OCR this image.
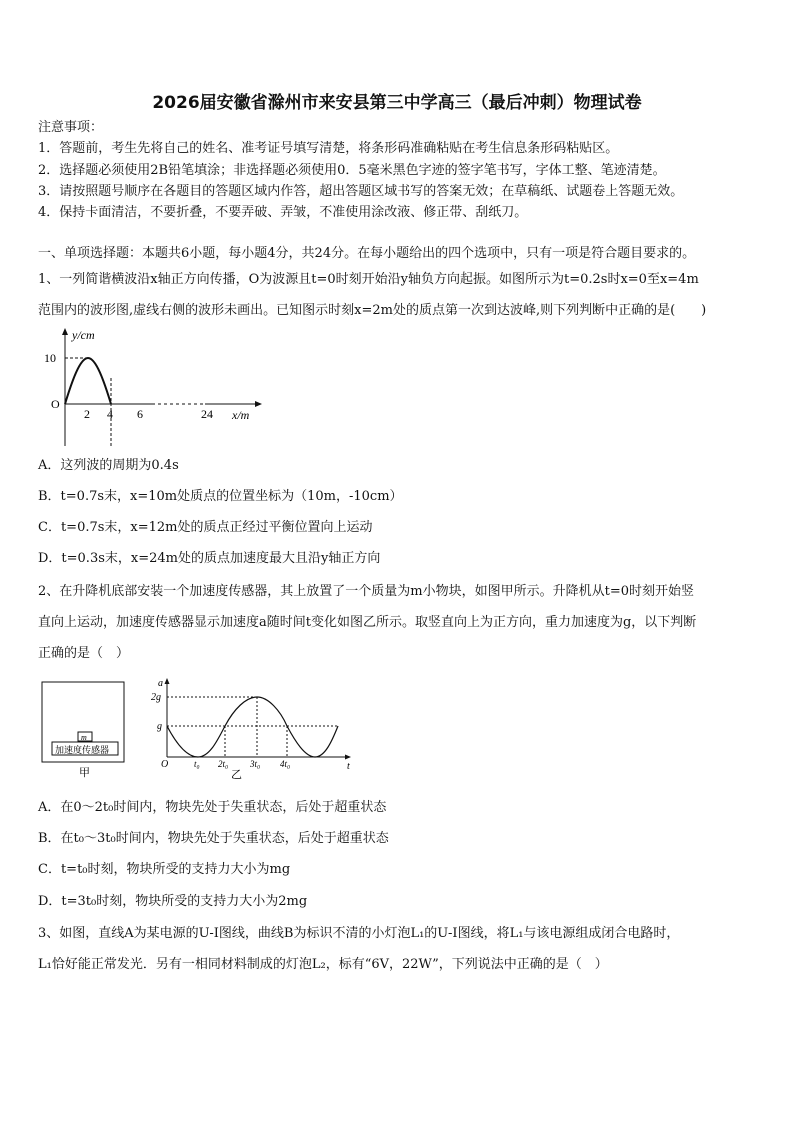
2026届安徽省滁州市来安县第三中学高三（最后冲刺）物理试卷
注意事项：
1．答题前，考生先将自己的姓名、准考证号填写清楚，将条形码准确粘贴在考生信息条形码粘贴区。
2．选择题必须使用2B铅笔填涂；非选择题必须使用0．5毫米黑色字迹的签字笔书写，字体工整、笔迹清楚。
3．请按照题号顺序在各题目的答题区域内作答，超出答题区域书写的答案无效；在草稿纸、试题卷上答题无效。
4．保持卡面清洁，不要折叠，不要弄破、弄皱，不准使用涂改液、修正带、刮纸刀。
一、单项选择题：本题共6小题，每小题4分，共24分。在每小题给出的四个选项中，只有一项是符合题目要求的。
1、一列简谐横波沿x轴正方向传播，O为波源且t=0时刻开始沿y轴负方向起振。如图所示为t=0.2s时x=0至x=4m
范围内的波形图,虚线右侧的波形未画出。已知图示时刻x=2m处的质点第一次到达波峰,则下列判断中正确的是(　　)
y/cm
x/m
O
10
2 4 6	24
A．这列波的周期为0.4s
B．t=0.7s末，x=10m处质点的位置坐标为（10m，-10cm）
C．t=0.7s末，x=12m处的质点正经过平衡位置向上运动
D．t=0.3s末，x=24m处的质点加速度最大且沿y轴正方向
2、在升降机底部安装一个加速度传感器，其上放置了一个质量为m小物块，如图甲所示。升降机从t=0时刻开始竖
直向上运动，加速度传感器显示加速度a随时间t变化如图乙所示。取竖直向上为正方向，重力加速度为g，以下判断
正确的是（　）
m
加速度传感器
甲
a
t
O
2g
g
t₀ 2t₀ 3t₀ 4t₀
乙
A．在0～2t₀时间内，物块先处于失重状态，后处于超重状态
B．在t₀～3t₀时间内，物块先处于失重状态，后处于超重状态
C．t=t₀时刻，物块所受的支持力大小为mg
D．t=3t₀时刻，物块所受的支持力大小为2mg
3、如图，直线A为某电源的U-I图线，曲线B为标识不清的小灯泡L₁的U-I图线，将L₁与该电源组成闭合电路时，
L₁恰好能正常发光．另有一相同材料制成的灯泡L₂，标有“6V，22W”，下列说法中正确的是（　）
